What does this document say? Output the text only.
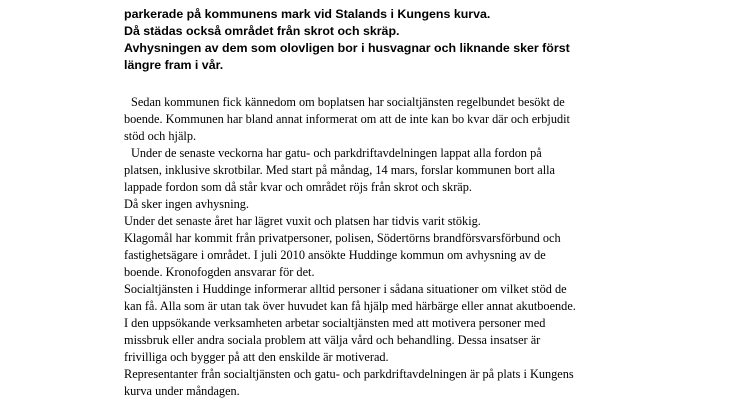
parkerade på kommunens mark vid Stalands i Kungens kurva.
Då städas också området från skrot och skräp.
Avhysningen av dem som olovligen bor i husvagnar och liknande sker först
längre fram i vår.
Sedan kommunen fick kännedom om boplatsen har socialtjänsten regelbundet besökt de
boende. Kommunen har bland annat informerat om att de inte kan bo kvar där och erbjudit
stöd och hjälp.
Under de senaste veckorna har gatu- och parkdriftavdelningen lappat alla fordon på
platsen, inklusive skrotbilar. Med start på måndag, 14 mars, forslar kommunen bort alla
lappade fordon som då står kvar och området röjs från skrot och skräp.
Då sker ingen avhysning.
Under det senaste året har lägret vuxit och platsen har tidvis varit stökig.
Klagomål har kommit från privatpersoner, polisen, Södertörns brandförsvarsförbund och
fastighetsägare i området. I juli 2010 ansökte Huddinge kommun om avhysning av de
boende. Kronofogden ansvarar för det.
Socialtjänsten i Huddinge informerar alltid personer i sådana situationer om vilket stöd de
kan få. Alla som är utan tak över huvudet kan få hjälp med härbärge eller annat akutboende.
I den uppsökande verksamheten arbetar socialtjänsten med att motivera personer med
missbruk eller andra sociala problem att välja vård och behandling. Dessa insatser är
frivilliga och bygger på att den enskilde är motiverad.
Representanter från socialtjänsten och gatu- och parkdriftavdelningen är på plats i Kungens
kurva under måndagen.
